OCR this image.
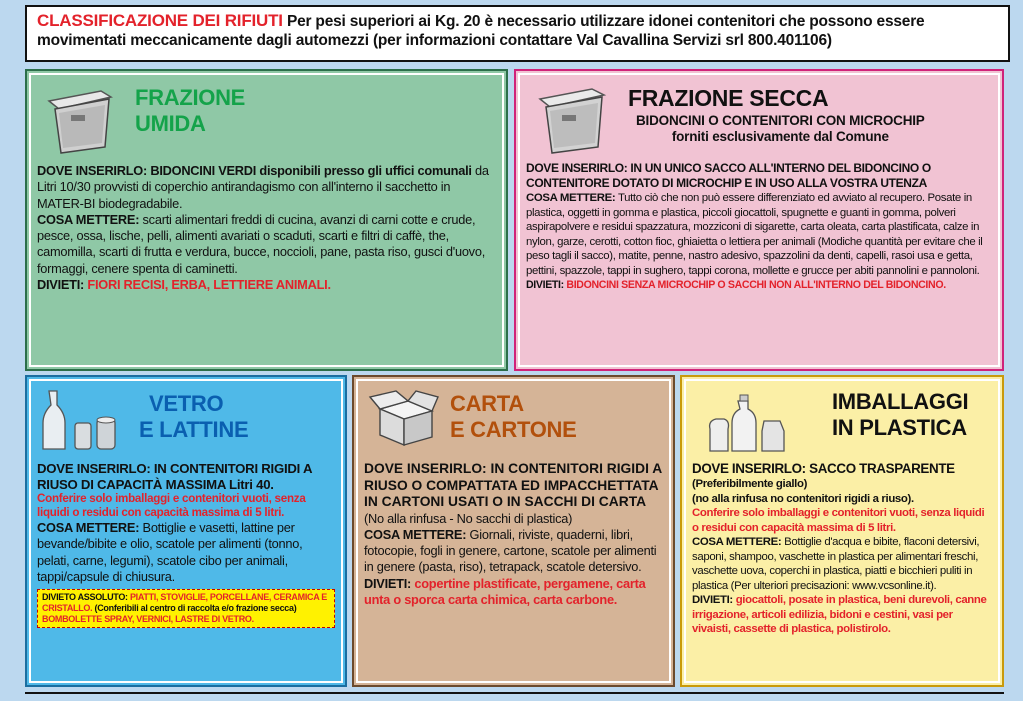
CLASSIFICAZIONE DEI RIFIUTI Per pesi superiori ai Kg. 20 è necessario utilizzare idonei contenitori che possono essere movimentati meccanicamente dagli automezzi (per informazioni contattare Val Cavallina Servizi srl 800.401106)
FRAZIONE
UMIDA

DOVE INSERIRLO: BIDONCINI VERDI disponibili presso gli uffici comunali da Litri 10/30 provvisti di coperchio antirandagismo con all'interno il sacchetto in MATER-BI biodegradabile.

COSA METTERE: scarti alimentari freddi di cucina, avanzi di carni cotte e crude, pesce, ossa, lische, pelli, alimenti avariati o scaduti, scarti e filtri di caffè, the, camomilla, scarti di frutta e verdura, bucce, noccioli, pane, pasta riso, gusci d'uovo, formaggi, cenere spenta di caminetti.

DIVIETI: FIORI RECISI, ERBA, LETTIERE ANIMALI.

FRAZIONE SECCA
BIDONCINI O CONTENITORI CON MICROCHIP
forniti esclusivamente dal Comune

DOVE INSERIRLO: IN UN UNICO SACCO ALL'INTERNO DEL BIDONCINO O CONTENITORE DOTATO DI MICROCHIP E IN USO ALLA VOSTRA UTENZA

COSA METTERE: Tutto ciò che non può essere differenziato ed avviato al recupero. Posate in plastica, oggetti in gomma e plastica, piccoli giocattoli, spugnette e guanti in gomma, polveri aspirapolvere e residui spazzatura, mozziconi di sigarette, carta oleata, carta plastificata, calze in nylon, garze, cerotti, cotton fioc, ghiaietta o lettiera per animali (Modiche quantità per evitare che il peso tagli il sacco), matite, penne, nastro adesivo, spazzolini da denti, capelli, rasoi usa e getta, pettini, spazzole, tappi in sughero, tappi corona, mollette e grucce per abiti pannolini e pannoloni.

DIVIETI: BIDONCINI SENZA MICROCHIP O SACCHI NON ALL'INTERNO DEL BIDONCINO.

VETRO
E LATTINE

DOVE INSERIRLO: IN CONTENITORI RIGIDI A RIUSO DI CAPACITÀ MASSIMA Litri 40.

Conferire solo imballaggi e contenitori vuoti, senza liquidi o residui con capacità massima di 5 litri.

COSA METTERE: Bottiglie e vasetti, lattine per bevande/bibite e olio, scatole per alimenti (tonno, pelati, carne, legumi), scatole cibo per animali, tappi/capsule di chiusura.

DIVIETO ASSOLUTO: PIATTI, STOVIGLIE, PORCELLANE, CERAMICA E CRISTALLO. (Conferibili al centro di raccolta e/o frazione secca) BOMBOLETTE SPRAY, VERNICI, LASTRE DI VETRO.
CARTA
E CARTONE

DOVE INSERIRLO: IN CONTENITORI RIGIDI A RIUSO O COMPATTATA ED IMPACCHETTATA IN CARTONI USATI O IN SACCHI DI CARTA

(No alla rinfusa - No sacchi di plastica)

COSA METTERE: Giornali, riviste, quaderni, libri, fotocopie, fogli in genere, cartone, scatole per alimenti in genere (pasta, riso), tetrapack, scatole detersivo.

DIVIETI: copertine plastificate, pergamene, carta unta o sporca carta chimica, carta carbone.

IMBALLAGGI
IN PLASTICA

DOVE INSERIRLO: SACCO TRASPARENTE

(Preferibilmente giallo)

(no alla rinfusa no contenitori rigidi a riuso).

Conferire solo imballaggi e contenitori vuoti, senza liquidi o residui con capacità massima di 5 litri.

COSA METTERE: Bottiglie d'acqua e bibite, flaconi detersivi, saponi, shampoo, vaschette in plastica per alimentari freschi, vaschette uova, coperchi in plastica, piatti e bicchieri puliti in plastica (Per ulteriori precisazioni: www.vcsonline.it).

DIVIETI: giocattoli, posate in plastica, beni durevoli, canne irrigazione, articoli edilizia, bidoni e cestini, vasi per vivaisti, cassette di plastica, polistirolo.
